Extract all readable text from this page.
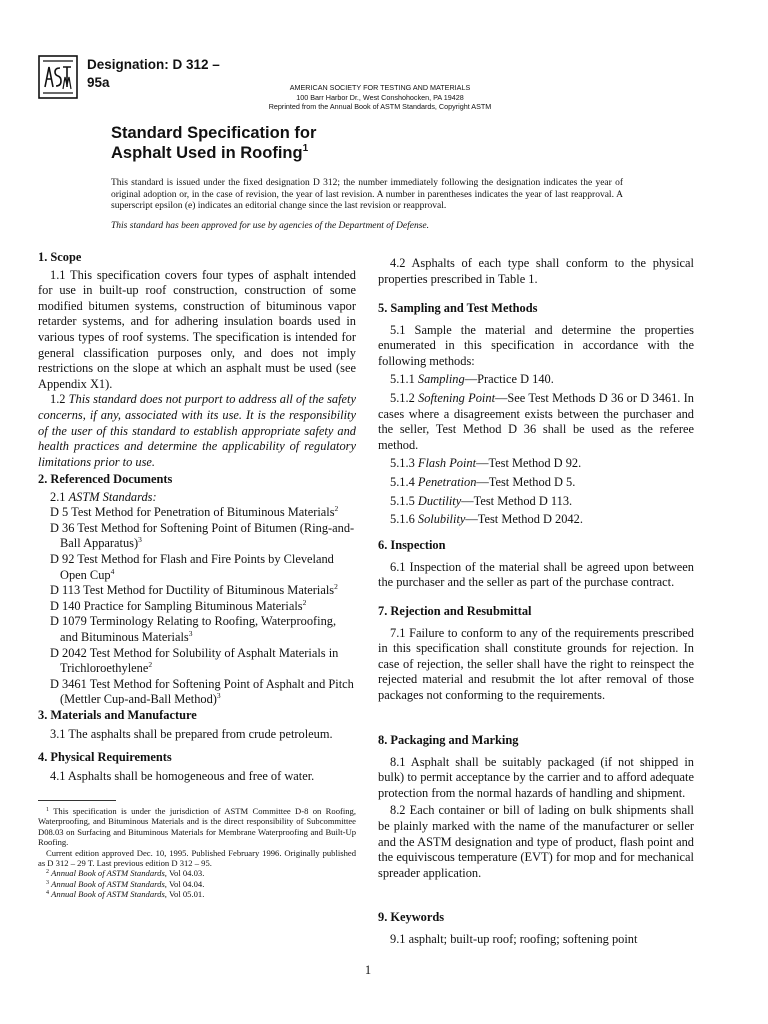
Designation: D 312 –
95a	AMERICAN SOCIETY FOR TESTING AND MATERIALS
100 Barr Harbor Dr., West Conshohocken, PA 19428
Reprinted from the Annual Book of ASTM Standards, Copyright ASTM
Standard Specification for
Asphalt Used in Roofing$^1$
This standard is issued under the fixed designation D 312; the number immediately following the designation indicates the year of original adoption or, in the case of revision, the year of last revision. A number in parentheses indicates the year of last reapproval. A superscript epsilon (e) indicates an editorial change since the last revision or reapproval.
This standard has been approved for use by agencies of the Department of Defense.

1. Scope

1.1 This specification covers four types of asphalt intended for use in built-up roof construction, construction of some modified bitumen systems, construction of bituminous vapor retarder systems, and for adhering insulation boards used in various types of roof systems. The specification is intended for general classification purposes only, and does not imply restrictions on the slope at which an asphalt must be used (see Appendix X1).

1.2 This standard does not purport to address all of the safety concerns, if any, associated with its use. It is the responsibility of the user of this standard to establish appropriate safety and health practices and determine the applicability of regulatory limitations prior to use.

2. Referenced Documents

2.1 ASTM Standards:

D 5 Test Method for Penetration of Bituminous Materials$^2$

D 36 Test Method for Softening Point of Bitumen (Ring-and-Ball Apparatus)$^3$

D 92 Test Method for Flash and Fire Points by Cleveland Open Cup$^4$

D 113 Test Method for Ductility of Bituminous Materials$^2$

D 140 Practice for Sampling Bituminous Materials$^2$

D 1079 Terminology Relating to Roofing, Waterproofing, and Bituminous Materials$^3$

D 2042 Test Method for Solubility of Asphalt Materials in Trichloroethylene$^2$

D 3461 Test Method for Softening Point of Asphalt and Pitch (Mettler Cup-and-Ball Method)$^3$

3. Materials and Manufacture

3.1 The asphalts shall be prepared from crude petroleum.

4. Physical Requirements

4.1 Asphalts shall be homogeneous and free of water.

$^1$ This specification is under the jurisdiction of ASTM Committee D-8 on Roofing, Waterproofing, and Bituminous Materials and is the direct responsibility of Subcommittee D08.03 on Surfacing and Bituminous Materials for Membrane Waterproofing and Built-Up Roofing.

Current edition approved Dec. 10, 1995. Published February 1996. Originally published as D 312 – 29 T. Last previous edition D 312 – 95.

$^2$ Annual Book of ASTM Standards, Vol 04.03.

$^3$ Annual Book of ASTM Standards, Vol 04.04.

$^4$ Annual Book of ASTM Standards, Vol 05.01.

4.2 Asphalts of each type shall conform to the physical properties prescribed in Table 1.

5. Sampling and Test Methods

5.1 Sample the material and determine the properties enumerated in this specification in accordance with the following methods:

5.1.1 Sampling—Practice D 140.

5.1.2 Softening Point—See Test Methods D 36 or D 3461. In cases where a disagreement exists between the purchaser and the seller, Test Method D 36 shall be used as the referee method.

5.1.3 Flash Point—Test Method D 92.

5.1.4 Penetration—Test Method D 5.

5.1.5 Ductility—Test Method D 113.

5.1.6 Solubility—Test Method D 2042.

6. Inspection

6.1 Inspection of the material shall be agreed upon between the purchaser and the seller as part of the purchase contract.

7. Rejection and Resubmittal

7.1 Failure to conform to any of the requirements prescribed in this specification shall constitute grounds for rejection. In case of rejection, the seller shall have the right to reinspect the rejected material and resubmit the lot after removal of those packages not conforming to the requirements.

8. Packaging and Marking

8.1 Asphalt shall be suitably packaged (if not shipped in bulk) to permit acceptance by the carrier and to afford adequate protection from the normal hazards of handling and shipment.

8.2 Each container or bill of lading on bulk shipments shall be plainly marked with the name of the manufacturer or seller and the ASTM designation and type of product, flash point and the equiviscous temperature (EVT) for mop and for mechanical spreader application.

9. Keywords

9.1 asphalt; built-up roof; roofing; softening point

1
